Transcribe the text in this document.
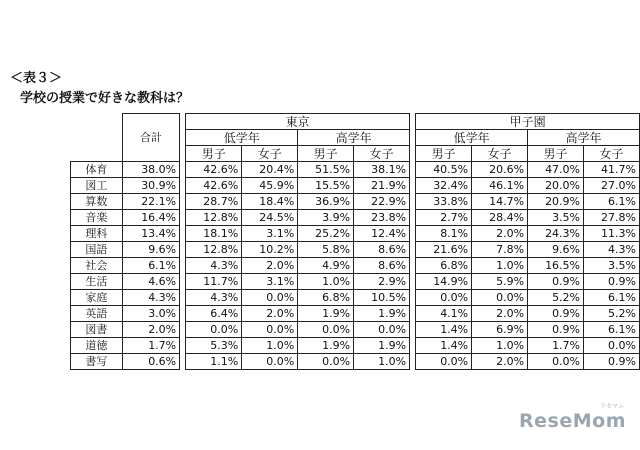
＜表３＞
学校の授業で好きな教科は？
	合計		東京					甲子園			
			低学年		高学年			低学年		高学年	
			男子	女子	男子	女子		男子	女子	男子	女子
体育	38.0%		42.6%	20.4%	51.5%	38.1%		40.5%	20.6%	47.0%	41.7%
図工	30.9%		42.6%	45.9%	15.5%	21.9%		32.4%	46.1%	20.0%	27.0%
算数	22.1%		28.7%	18.4%	36.9%	22.9%		33.8%	14.7%	20.9%	6.1%
音楽	16.4%		12.8%	24.5%	3.9%	23.8%		2.7%	28.4%	3.5%	27.8%
理科	13.4%		18.1%	3.1%	25.2%	12.4%		8.1%	2.0%	24.3%	11.3%
国語	9.6%		12.8%	10.2%	5.8%	8.6%		21.6%	7.8%	9.6%	4.3%
社会	6.1%		4.3%	2.0%	4.9%	8.6%		6.8%	1.0%	16.5%	3.5%
生活	4.6%		11.7%	3.1%	1.0%	2.9%		14.9%	5.9%	0.9%	0.9%
家庭	4.3%		4.3%	0.0%	6.8%	10.5%		0.0%	0.0%	5.2%	6.1%
英語	3.0%		6.4%	2.0%	1.9%	1.9%		4.1%	2.0%	0.9%	5.2%
図書	2.0%		0.0%	0.0%	0.0%	0.0%		1.4%	6.9%	0.9%	6.1%
道徳	1.7%		5.3%	1.0%	1.9%	1.9%		1.4%	1.0%	1.7%	0.0%
書写	0.6%		1.1%	0.0%	0.0%	1.0%		0.0%	2.0%	0.0%	0.9%
リセマム
ReseMom
